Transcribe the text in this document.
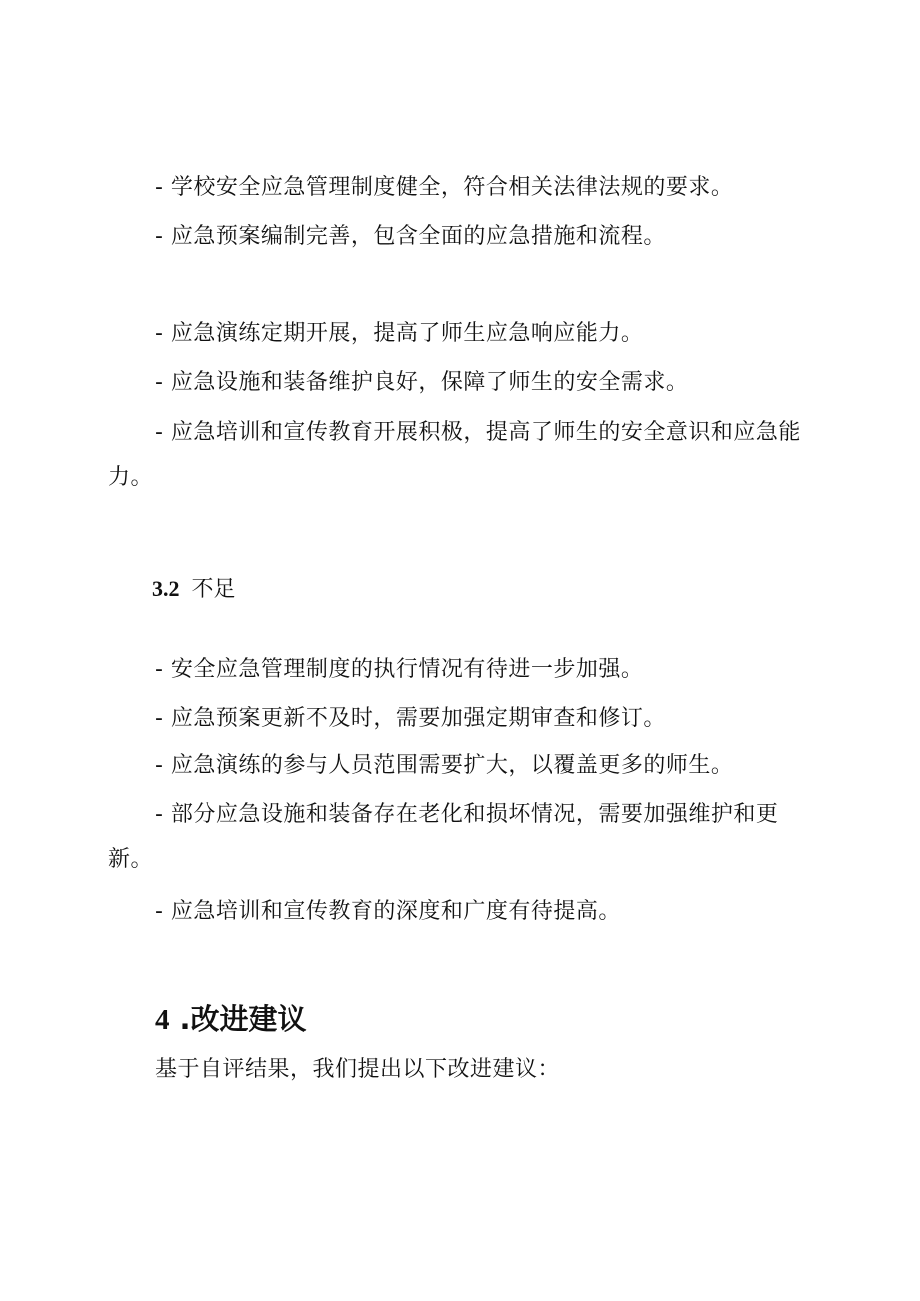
- 学校安全应急管理制度健全，符合相关法律法规的要求。
- 应急预案编制完善，包含全面的应急措施和流程。
- 应急演练定期开展，提高了师生应急响应能力。
- 应急设施和装备维护良好，保障了师生的安全需求。
- 应急培训和宣传教育开展积极，提高了师生的安全意识和应急能力。
3.2 不足
- 安全应急管理制度的执行情况有待进一步加强。
- 应急预案更新不及时，需要加强定期审查和修订。
- 应急演练的参与人员范围需要扩大，以覆盖更多的师生。
- 部分应急设施和装备存在老化和损坏情况，需要加强维护和更新。
- 应急培训和宣传教育的深度和广度有待提高。
4 .改进建议
基于自评结果，我们提出以下改进建议：
